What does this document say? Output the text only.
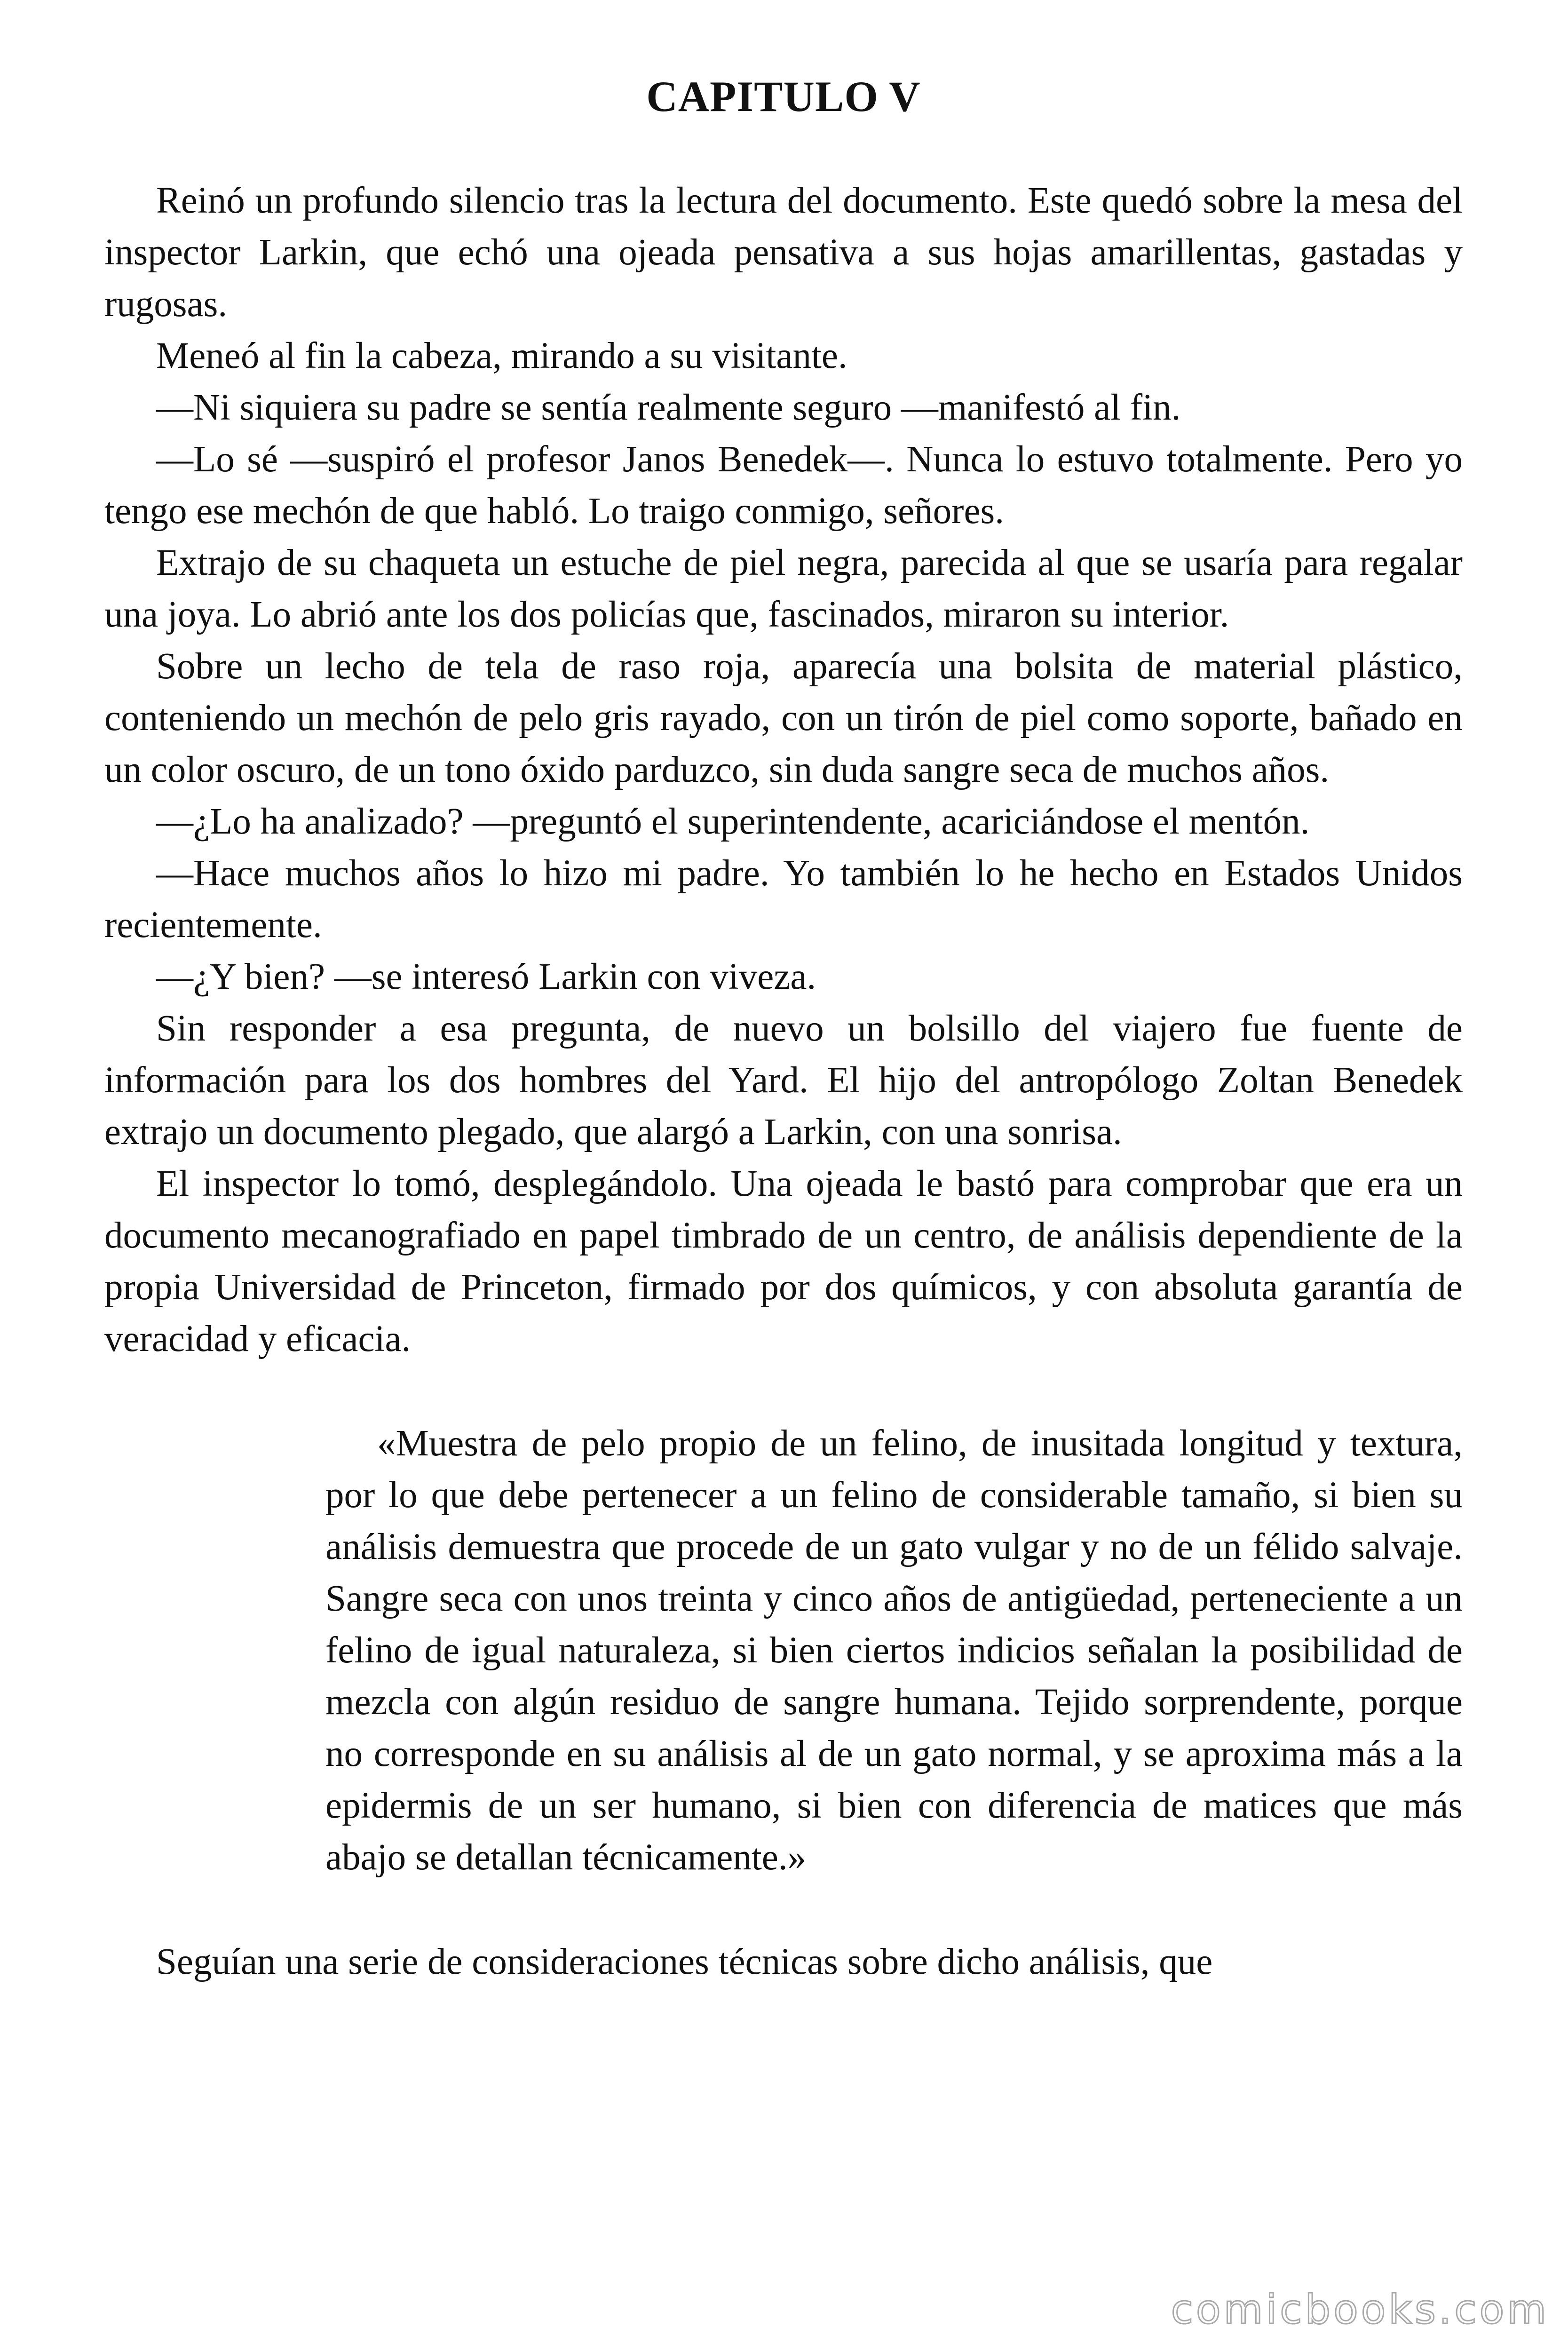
CAPITULO V

Reinó un profundo silencio tras la lectura del documento. Este quedó sobre la mesa del inspector Larkin, que echó una ojeada pensativa a sus hojas amarillentas, gastadas y rugosas.

Meneó al fin la cabeza, mirando a su visitante.

—Ni siquiera su padre se sentía realmente seguro —manifestó al fin.

—Lo sé —suspiró el profesor Janos Benedek—. Nunca lo estuvo totalmente. Pero yo tengo ese mechón de que habló. Lo traigo conmigo, señores.

Extrajo de su chaqueta un estuche de piel negra, parecida al que se usaría para regalar una joya. Lo abrió ante los dos policías que, fascinados, miraron su interior.

Sobre un lecho de tela de raso roja, aparecía una bolsita de material plástico, conteniendo un mechón de pelo gris rayado, con un tirón de piel como soporte, bañado en un color oscuro, de un tono óxido parduzco, sin duda sangre seca de muchos años.

—¿Lo ha analizado? —preguntó el superintendente, acariciándose el mentón.

—Hace muchos años lo hizo mi padre. Yo también lo he hecho en Estados Unidos recientemente.

—¿Y bien? —se interesó Larkin con viveza.

Sin responder a esa pregunta, de nuevo un bolsillo del viajero fue fuente de información para los dos hombres del Yard. El hijo del antropólogo Zoltan Benedek extrajo un documento plegado, que alargó a Larkin, con una sonrisa.

El inspector lo tomó, desplegándolo. Una ojeada le bastó para comprobar que era un documento mecanografiado en papel timbrado de un centro, de análisis dependiente de la propia Universidad de Princeton, firmado por dos químicos, y con absoluta garantía de veracidad y eficacia.

«Muestra de pelo propio de un felino, de inusitada longitud y textura, por lo que debe pertenecer a un felino de considerable tamaño, si bien su análisis demuestra que procede de un gato vulgar y no de un félido salvaje. Sangre seca con unos treinta y cinco años de antigüedad, perteneciente a un felino de igual naturaleza, si bien ciertos indicios señalan la posibilidad de mezcla con algún residuo de sangre humana. Tejido sorprendente, porque no corresponde en su análisis al de un gato normal, y se aproxima más a la epidermis de un ser humano, si bien con diferencia de matices que más abajo se detallan técnicamente.»

Seguían una serie de consideraciones técnicas sobre dicho análisis, que

comicbooks.com
